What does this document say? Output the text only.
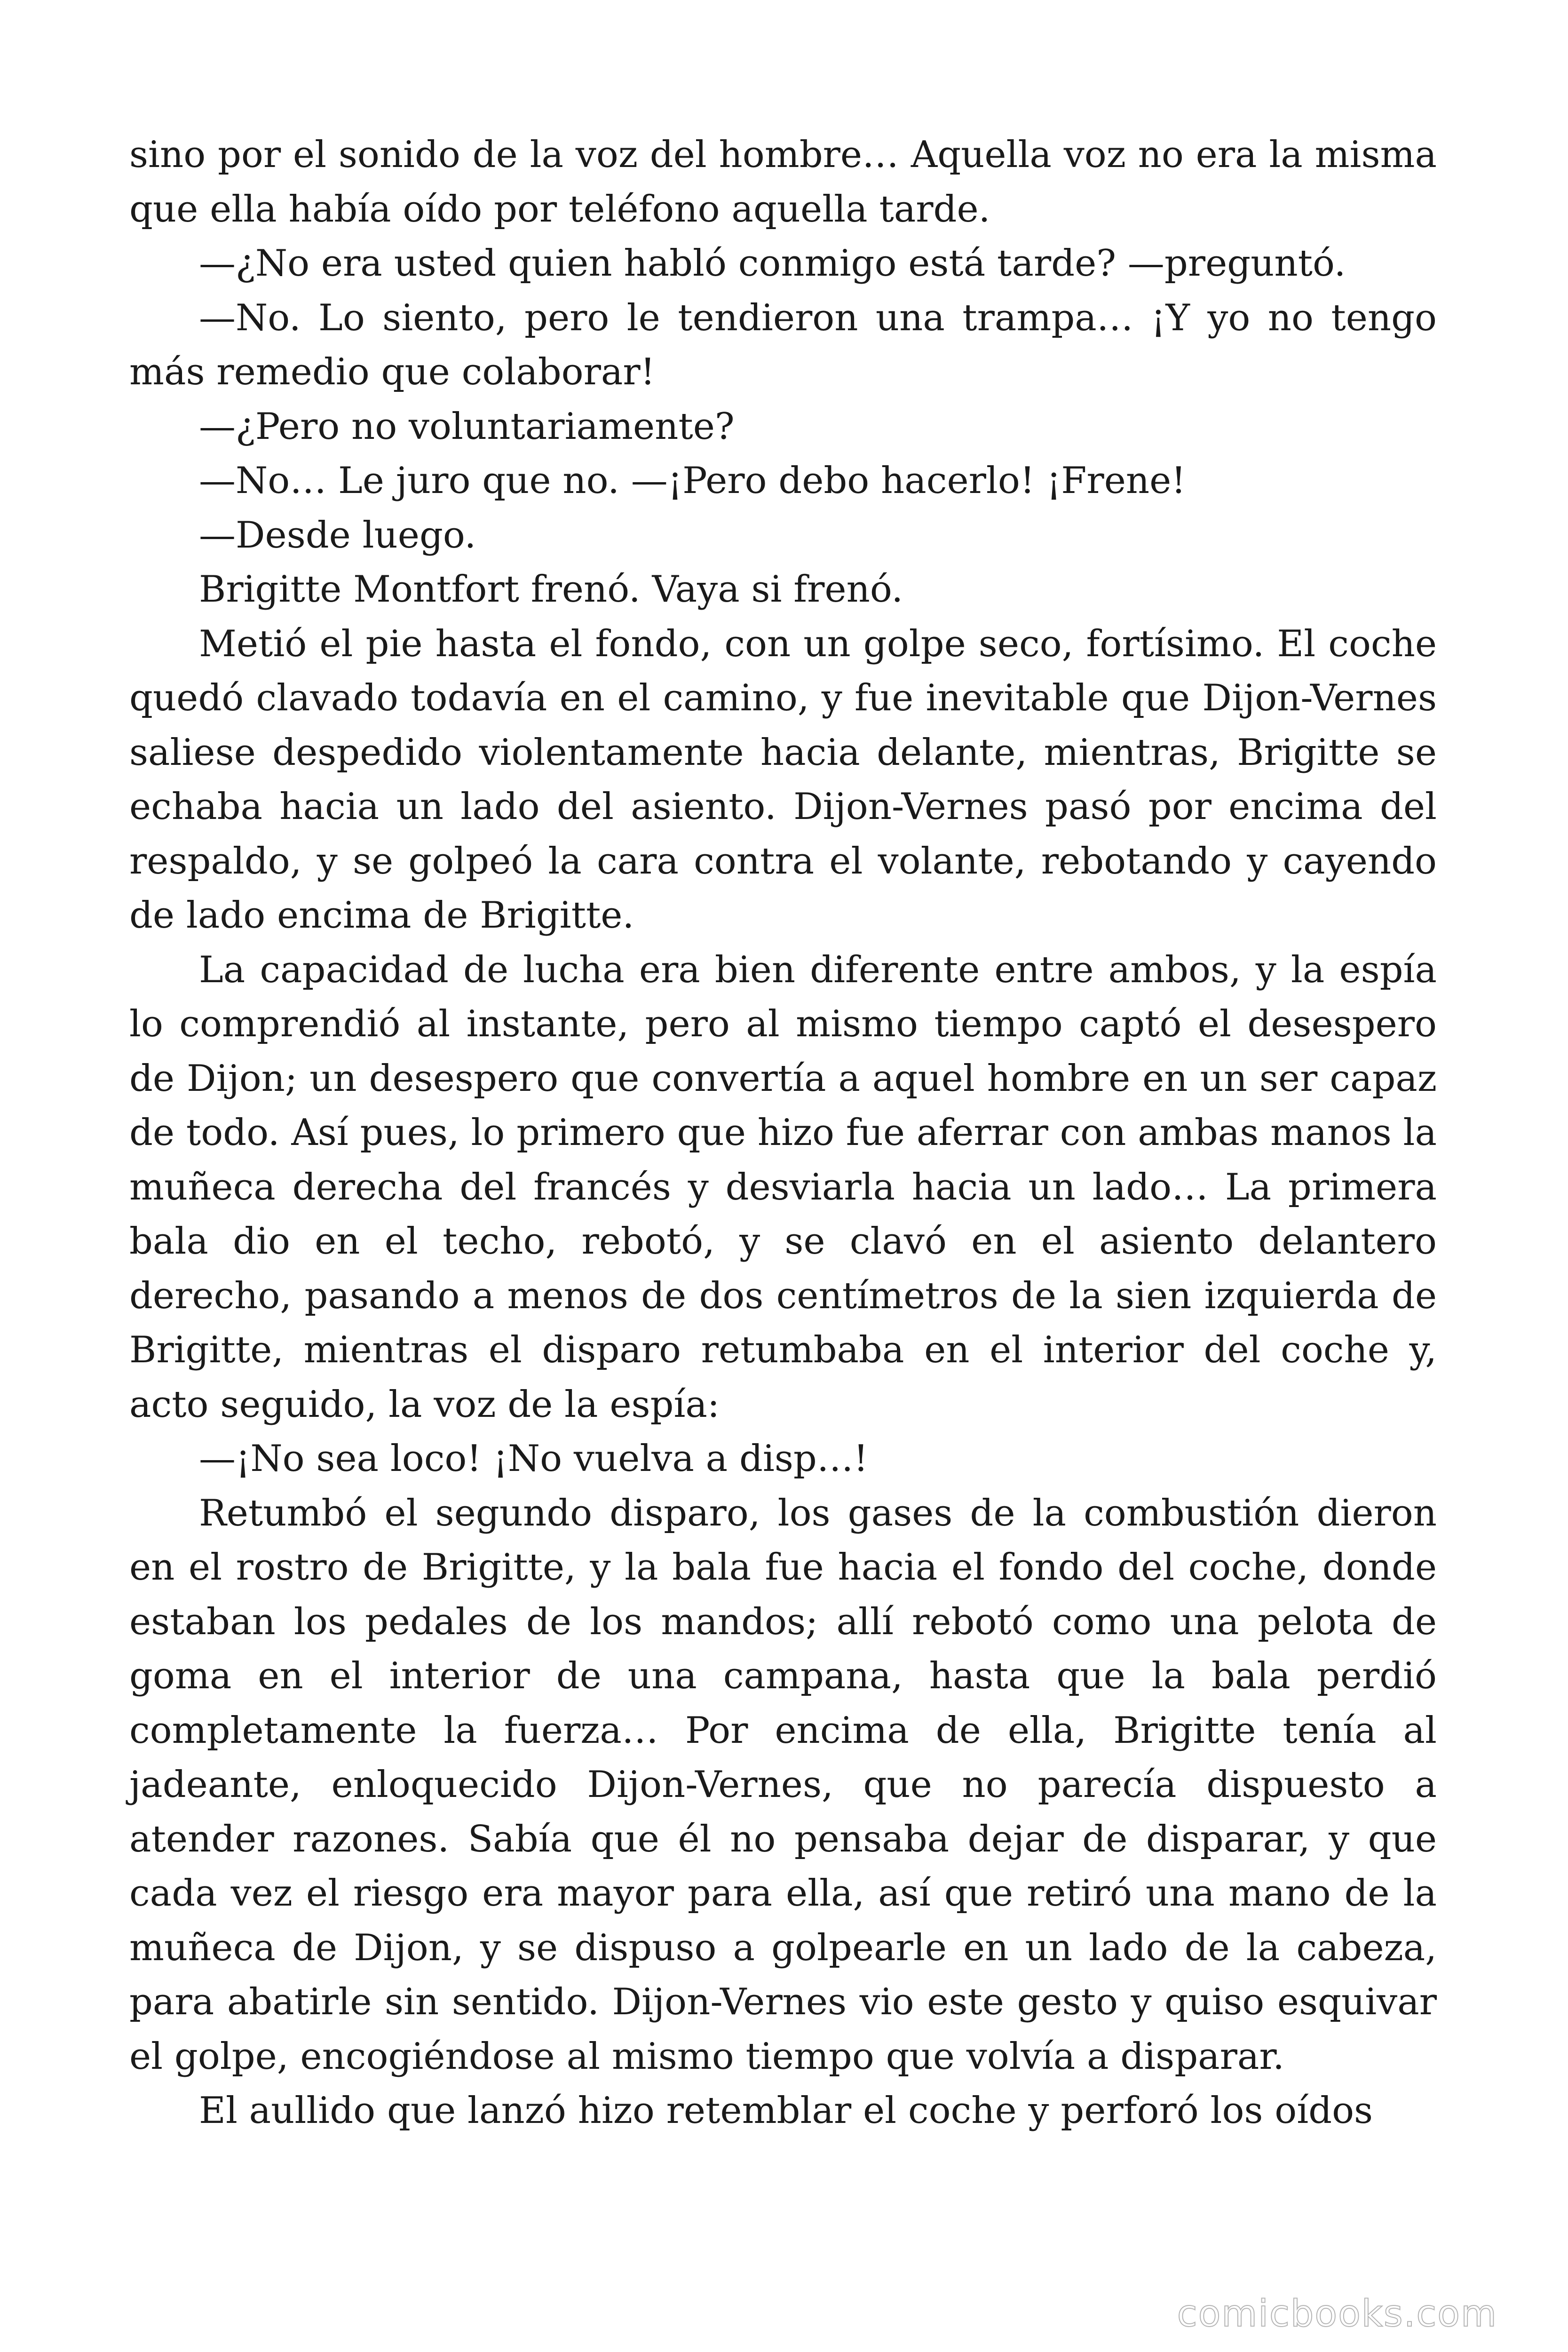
sino por el sonido de la voz del hombre… Aquella voz no era la misma que ella había oído por teléfono aquella tarde.

—¿No era usted quien habló conmigo está tarde? —preguntó.

—No. Lo siento, pero le tendieron una trampa… ¡Y yo no tengo más remedio que colaborar!

—¿Pero no voluntariamente?

—No… Le juro que no. —¡Pero debo hacerlo! ¡Frene!

—Desde luego.

Brigitte Montfort frenó. Vaya si frenó.

Metió el pie hasta el fondo, con un golpe seco, fortísimo. El coche quedó clavado todavía en el camino, y fue inevitable que Dijon-Vernes saliese despedido violentamente hacia delante, mientras, Brigitte se echaba hacia un lado del asiento. Dijon-Vernes pasó por encima del respaldo, y se golpeó la cara contra el volante, rebotando y cayendo de lado encima de Brigitte.

La capacidad de lucha era bien diferente entre ambos, y la espía lo comprendió al instante, pero al mismo tiempo captó el desespero de Dijon; un desespero que convertía a aquel hombre en un ser capaz de todo. Así pues, lo primero que hizo fue aferrar con ambas manos la muñeca derecha del francés y desviarla hacia un lado… La primera bala dio en el techo, rebotó, y se clavó en el asiento delantero derecho, pasando a menos de dos centímetros de la sien izquierda de Brigitte, mientras el disparo retumbaba en el interior del coche y, acto seguido, la voz de la espía:

—¡No sea loco! ¡No vuelva a disp…!

Retumbó el segundo disparo, los gases de la combustión dieron en el rostro de Brigitte, y la bala fue hacia el fondo del coche, donde estaban los pedales de los mandos; allí rebotó como una pelota de goma en el interior de una campana, hasta que la bala perdió completamente la fuerza… Por encima de ella, Brigitte tenía al jadeante, enloquecido Dijon-Vernes, que no parecía dispuesto a atender razones. Sabía que él no pensaba dejar de disparar, y que cada vez el riesgo era mayor para ella, así que retiró una mano de la muñeca de Dijon, y se dispuso a golpearle en un lado de la cabeza, para abatirle sin sentido. Dijon-Vernes vio este gesto y quiso esquivar el golpe, encogiéndose al mismo tiempo que volvía a disparar.

El aullido que lanzó hizo retemblar el coche y perforó los oídos

comicbooks.com
